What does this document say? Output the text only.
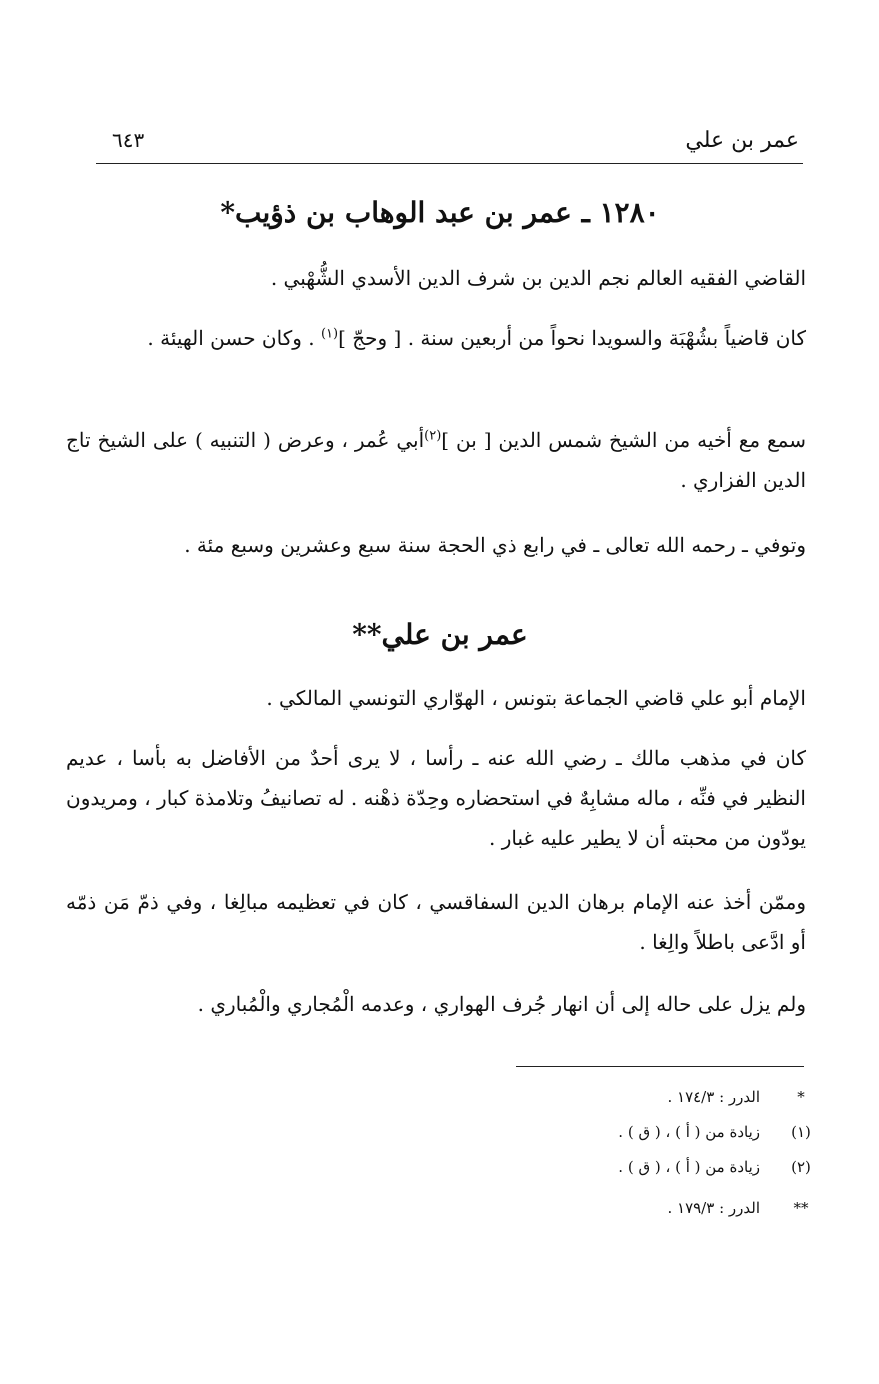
عمر بن علي
٦٤٣
١٢٨٠ ـ عمر بن عبد الوهاب بن ذؤيب*

القاضي الفقيه العالم نجم الدين بن شرف الدين الأسدي الشُّهْبي .

كان قاضياً بشُهْبَة والسويدا نحواً من أربعين سنة . [ وحجّ ]$^{(١)}$ . وكان حسن الهيئة .

سمع مع أخيه من الشيخ شمس الدين [ بن ]$^{(٢)}$أبي عُمر ، وعرض ( التنبيه ) على الشيخ تاج الدين الفزاري .

وتوفي ـ رحمه الله تعالى ـ في رابع ذي الحجة سنة سبع وعشرين وسبع مئة .

عمر بن علي**

الإمام أبو علي قاضي الجماعة بتونس ، الهوّاري التونسي المالكي .

كان في مذهب مالك ـ رضي الله عنه ـ رأسا ، لا يرى أحدٌ من الأفاضل به بأسا ، عديم النظير في فنِّه ، ماله مشابِهٌ في استحضاره وحِدّة ذهْنه . له تصانيفُ وتلامذة كبار ، ومريدون يودّون من محبته أن لا يطير عليه غبار .

وممّن أخذ عنه الإمام برهان الدين السفاقسي ، كان في تعظيمه مبالِغا ، وفي ذمّ مَن ذمّه أو ادَّعى باطلاً والِغا .

ولم يزل على حاله إلى أن انهار جُرف الهواري ، وعدمه الْمُجاري والْمُباري .

*
الدرر : ١٧٤/٣ .
(١)
زيادة من ( أ ) ، ( ق ) .
(٢)
زيادة من ( أ ) ، ( ق ) .
**
الدرر : ١٧٩/٣ .
